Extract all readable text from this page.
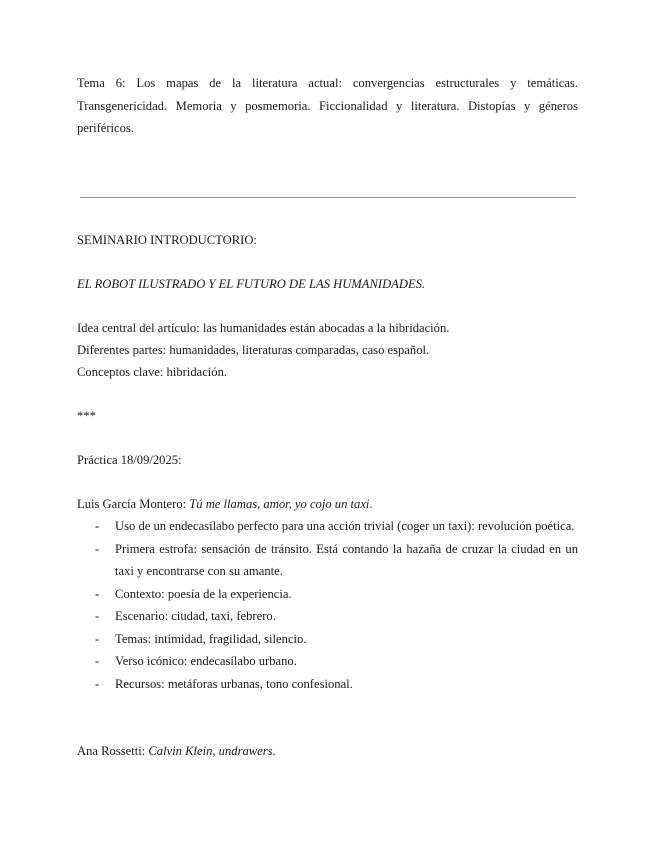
Tema 6: Los mapas de la literatura actual: convergencias estructurales y temáticas. Transgenericidad. Memoria y posmemoria. Ficcionalidad y literatura. Distopías y géneros periféricos.

SEMINARIO INTRODUCTORIO:

EL ROBOT ILUSTRADO Y EL FUTURO DE LAS HUMANIDADES.

Idea central del artículo: las humanidades están abocadas a la hibridación.

Diferentes partes: humanidades, literaturas comparadas, caso español.

Conceptos clave: hibridación.

***

Práctica 18/09/2025:

Luis García Montero: Tú me llamas, amor, yo cojo un taxi.

- Uso de un endecasílabo perfecto para una acción trivial (coger un taxi): revolución poética.
- Primera estrofa: sensación de tránsito. Está contando la hazaña de cruzar la ciudad en un taxi y encontrarse con su amante.
- Contexto: poesía de la experiencia.
- Escenario: ciudad, taxi, febrero.
- Temas: intimidad, fragilidad, silencio.
- Verso icónico: endecasílabo urbano.
- Recursos: metáforas urbanas, tono confesional.

Ana Rossetti: Calvin Klein, undrawers.
